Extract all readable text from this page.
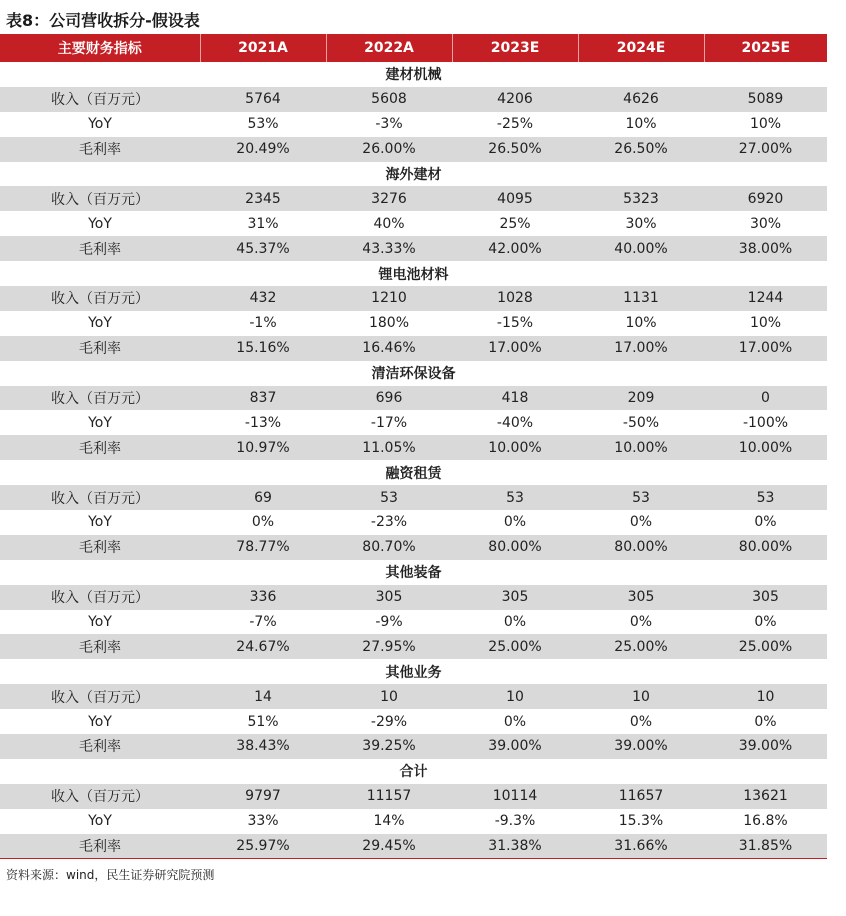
表8：公司营收拆分-假设表
主要财务指标	2021A	2022A	2023E	2024E	2025E
建材机械					
收入（百万元）	5764	5608	4206	4626	5089
YoY	53%	-3%	-25%	10%	10%
毛利率	20.49%	26.00%	26.50%	26.50%	27.00%
海外建材					
收入（百万元）	2345	3276	4095	5323	6920
YoY	31%	40%	25%	30%	30%
毛利率	45.37%	43.33%	42.00%	40.00%	38.00%
锂电池材料					
收入（百万元）	432	1210	1028	1131	1244
YoY	-1%	180%	-15%	10%	10%
毛利率	15.16%	16.46%	17.00%	17.00%	17.00%
清洁环保设备					
收入（百万元）	837	696	418	209	0
YoY	-13%	-17%	-40%	-50%	-100%
毛利率	10.97%	11.05%	10.00%	10.00%	10.00%
融资租赁					
收入（百万元）	69	53	53	53	53
YoY	0%	-23%	0%	0%	0%
毛利率	78.77%	80.70%	80.00%	80.00%	80.00%
其他装备					
收入（百万元）	336	305	305	305	305
YoY	-7%	-9%	0%	0%	0%
毛利率	24.67%	27.95%	25.00%	25.00%	25.00%
其他业务					
收入（百万元）	14	10	10	10	10
YoY	51%	-29%	0%	0%	0%
毛利率	38.43%	39.25%	39.00%	39.00%	39.00%
合计					
收入（百万元）	9797	11157	10114	11657	13621
YoY	33%	14%	-9.3%	15.3%	16.8%
毛利率	25.97%	29.45%	31.38%	31.66%	31.85%
资料来源：wind，民生证券研究院预测
